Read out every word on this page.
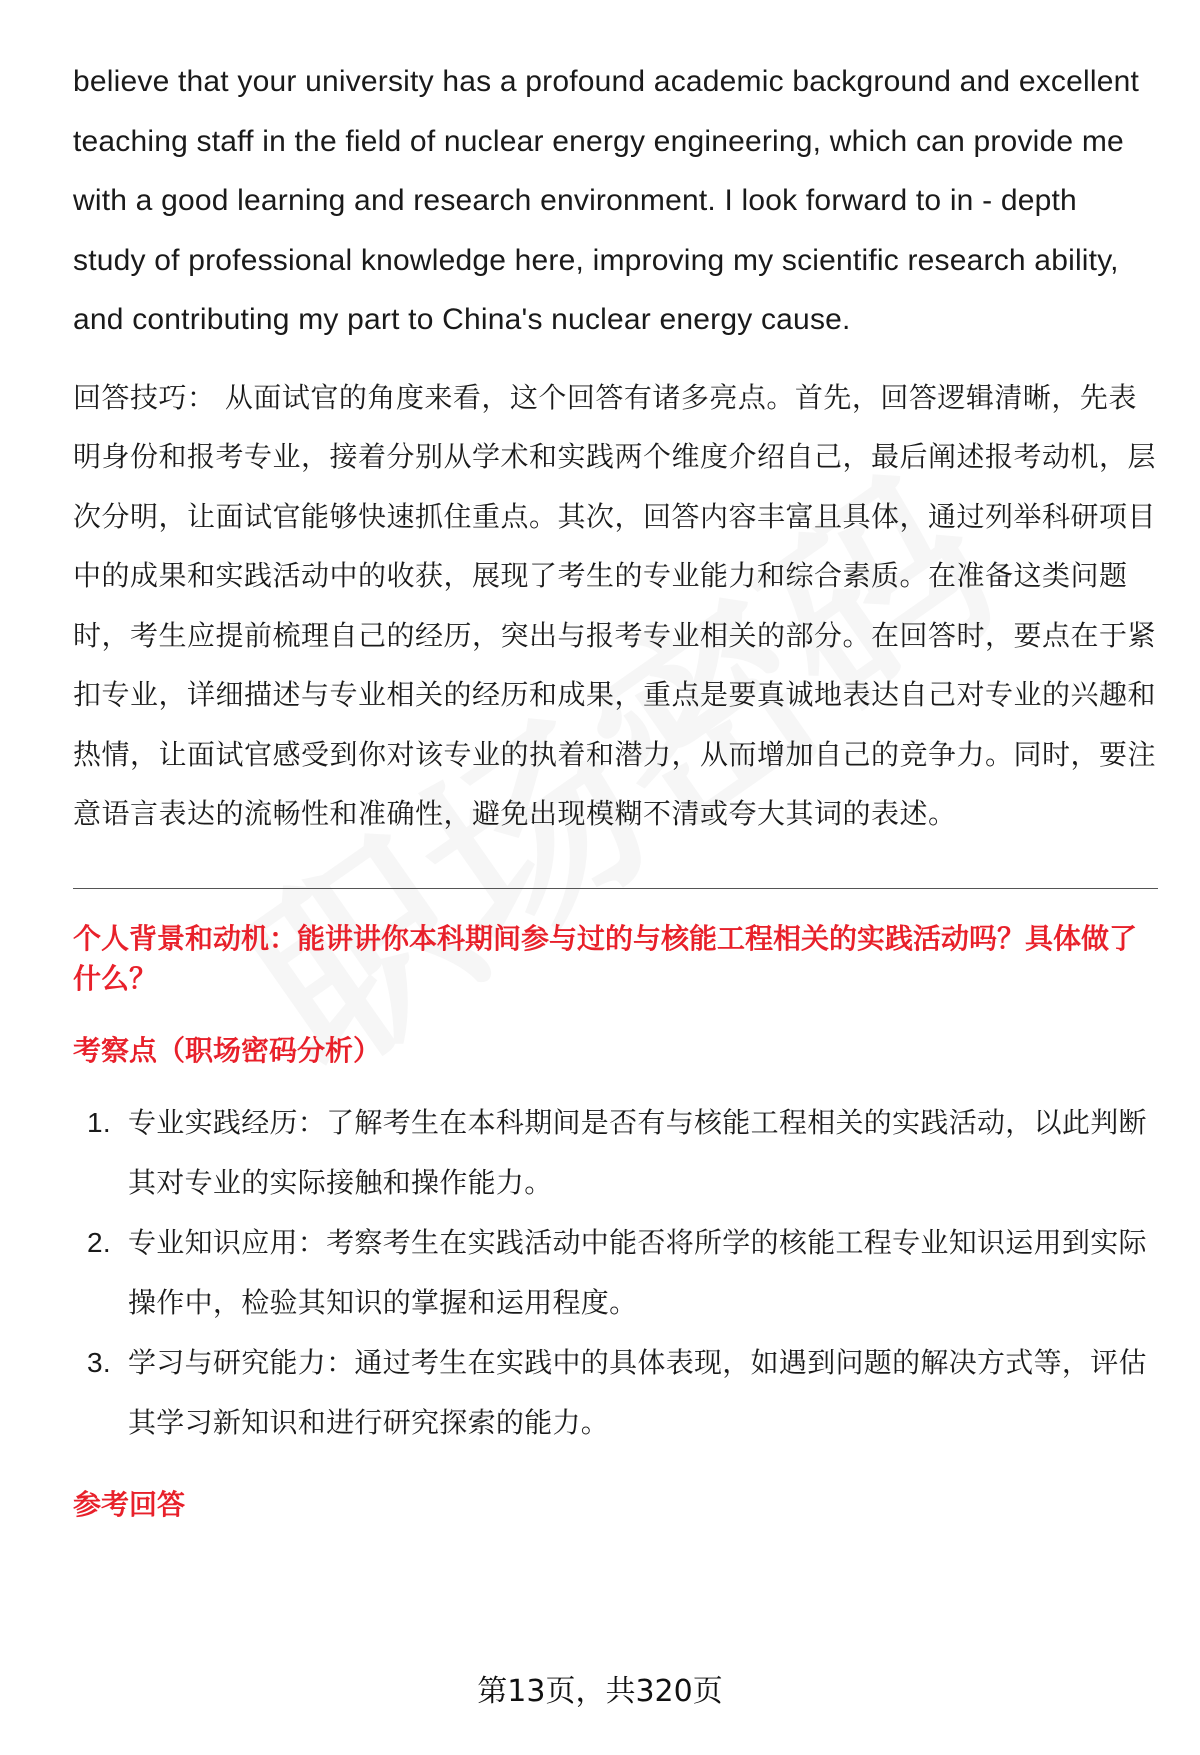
believe that your university has a profound academic background and excellent teaching staff in the field of nuclear energy engineering, which can provide me with a good learning and research environment. I look forward to in - depth study of professional knowledge here, improving my scientific research ability, and contributing my part to China's nuclear energy cause.

回答技巧： 从面试官的角度来看，这个回答有诸多亮点。首先，回答逻辑清晰，先表明身份和报考专业，接着分别从学术和实践两个维度介绍自己，最后阐述报考动机，层次分明，让面试官能够快速抓住重点。其次，回答内容丰富且具体，通过列举科研项目中的成果和实践活动中的收获，展现了考生的专业能力和综合素质。在准备这类问题时，考生应提前梳理自己的经历，突出与报考专业相关的部分。在回答时，要点在于紧扣专业，详细描述与专业相关的经历和成果，重点是要真诚地表达自己对专业的兴趣和热情，让面试官感受到你对该专业的执着和潜力，从而增加自己的竞争力。同时，要注意语言表达的流畅性和准确性，避免出现模糊不清或夸大其词的表述。

个人背景和动机：能讲讲你本科期间参与过的与核能工程相关的实践活动吗？具体做了什么？
考察点（职场密码分析）
1. 专业实践经历：了解考生在本科期间是否有与核能工程相关的实践活动，以此判断其对专业的实际接触和操作能力。
2. 专业知识应用：考察考生在实践活动中能否将所学的核能工程专业知识运用到实际操作中，检验其知识的掌握和运用程度。
3. 学习与研究能力：通过考生在实践中的具体表现，如遇到问题的解决方式等，评估其学习新知识和进行研究探索的能力。
参考回答
第13页，共320页
